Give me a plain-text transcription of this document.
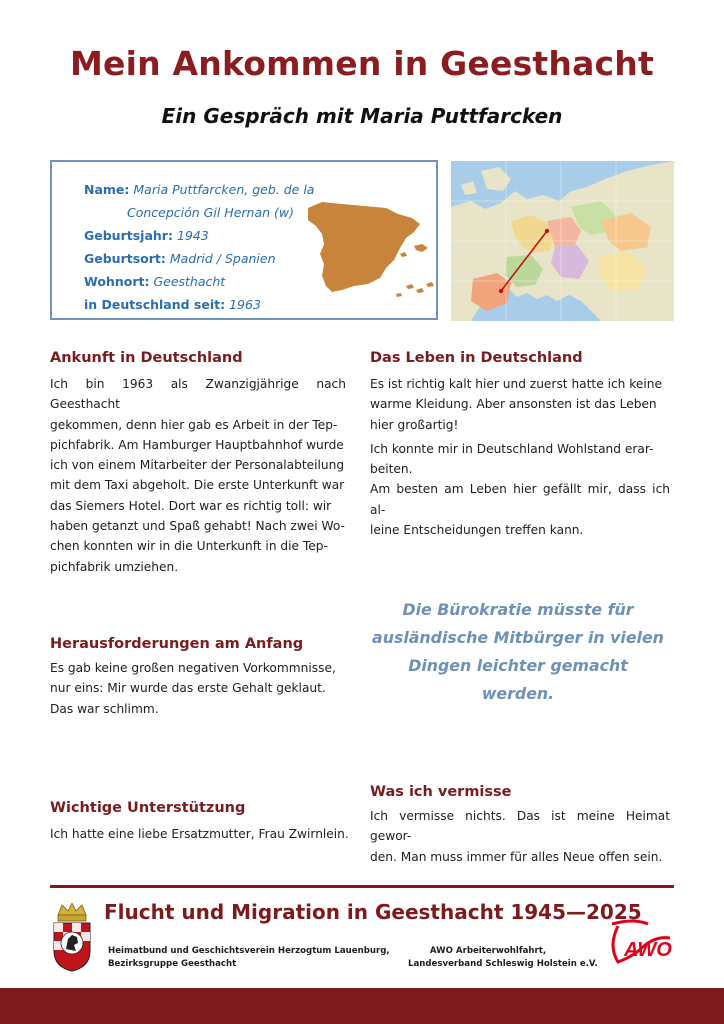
Mein Ankommen in Geesthacht
Ein Gespräch mit Maria Puttfarcken
Name: Maria Puttfarcken, geb. de la
Concepción Gil Hernan (w)
Geburtsjahr: 1943
Geburtsort: Madrid / Spanien
Wohnort: Geesthacht
in Deutschland seit: 1963
Ankunft in Deutschland
Ich bin 1963 als Zwanzigjährige nach Geesthacht
gekommen, denn hier gab es Arbeit in der Tep-
pichfabrik. Am Hamburger Hauptbahnhof wurde
ich von einem Mitarbeiter der Personalabteilung
mit dem Taxi abgeholt. Die erste Unterkunft war
das Siemers Hotel. Dort war es richtig toll: wir
haben getanzt und Spaß gehabt! Nach zwei Wo-
chen konnten wir in die Unterkunft in die Tep-
pichfabrik umziehen.
Herausforderungen am Anfang
Es gab keine großen negativen Vorkommnisse,
nur eins: Mir wurde das erste Gehalt geklaut.
Das war schlimm.
Wichtige Unterstützung
Ich hatte eine liebe Ersatzmutter, Frau Zwirnlein.
Das Leben in Deutschland
Es ist richtig kalt hier und zuerst hatte ich keine
warme Kleidung. Aber ansonsten ist das Leben
hier großartig!
Ich konnte mir in Deutschland Wohlstand erar-
beiten.
Am besten am Leben hier gefällt mir, dass ich al-
leine Entscheidungen treffen kann.
Die Bürokratie müsste für
ausländische Mitbürger in vielen
Dingen leichter gemacht werden.
Was ich vermisse
Ich vermisse nichts. Das ist meine Heimat gewor-
den. Man muss immer für alles Neue offen sein.
Flucht und Migration in Geesthacht 1945—2025
Heimatbund und Geschichtsverein Herzogtum Lauenburg,
Bezirksgruppe Geesthacht
AWO Arbeiterwohlfahrt,
Landesverband Schleswig Holstein e.V.
AWO
